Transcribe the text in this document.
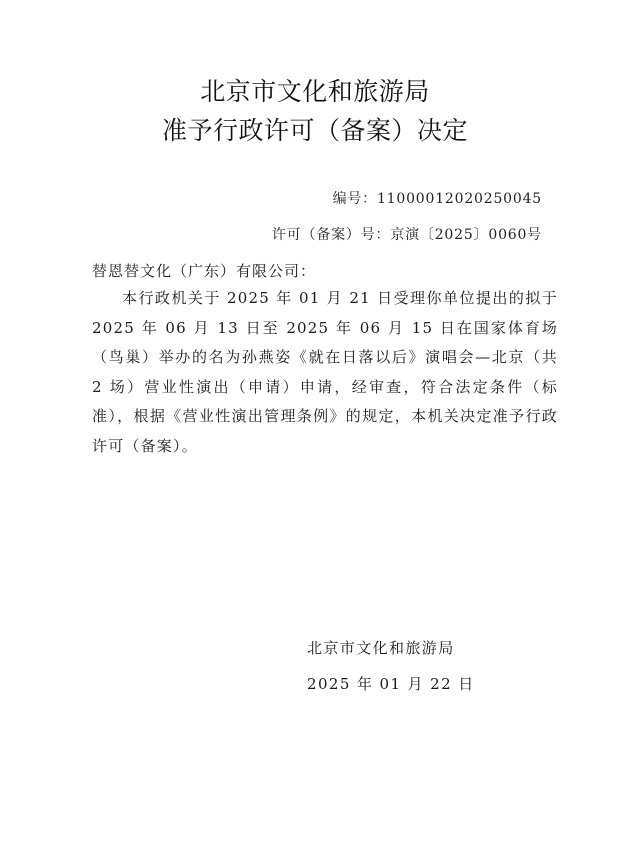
北京市文化和旅游局
准予行政许可（备案）决定
编号：11000012020250045
许可（备案）号：京演〔2025〕0060号
替恩替文化（广东）有限公司：
本行政机关于 2025 年 01 月 21 日受理你单位提出的拟于 2025 年 06 月 13 日至 2025 年 06 月 15 日在国家体育场（鸟巢）举办的名为孙燕姿《就在日落以后》演唱会—北京（共 2 场）营业性演出（申请）申请，经审查，符合法定条件（标准），根据《营业性演出管理条例》的规定，本机关决定准予行政许可（备案）。
北京市文化和旅游局
2025 年 01 月 22 日
